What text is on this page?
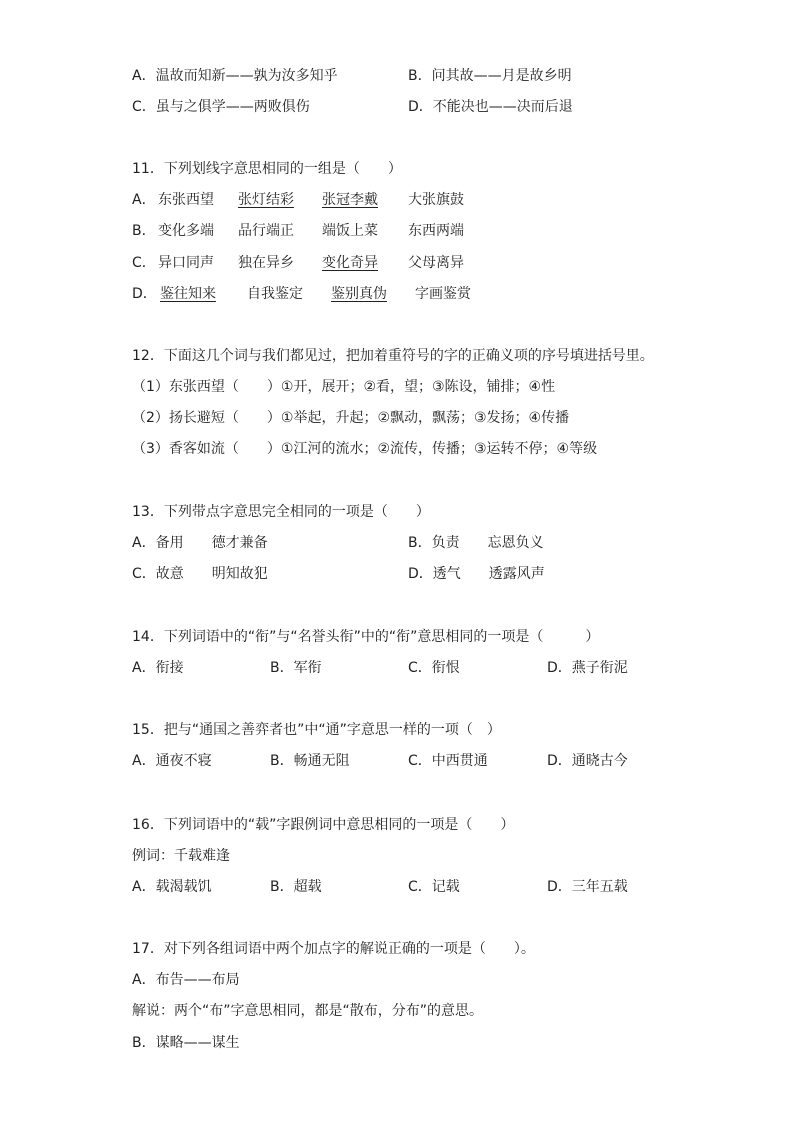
A．温故而知新——孰为汝多知乎	B．问其故——月是故乡明
C．虽与之俱学——两败俱伤	D．不能决也——决而后退
11．下列划线字意思相同的一组是（　　）
A． 东张西望 张灯结彩 张冠李戴 大张旗鼓
B． 变化多端 品行端正 端饭上菜 东西两端
C． 异口同声 独在异乡 变化奇异 父母离异
D． 鉴往知来 自我鉴定 鉴别真伪 字画鉴赏
12．下面这几个词与我们都见过，把加着重符号的字的正确义项的序号填进括号里。
（1）东张西望（　　）①开，展开；②看，望；③陈设，铺排；④性
（2）扬长避短（　　）①举起，升起；②飘动，飘荡；③发扬；④传播
（3）香客如流（　　）①江河的流水；②流传，传播；③运转不停；④等级
13．下列带点字意思完全相同的一项是（　　）
A．备用　　德才兼备	B．负责　　忘恩负义
C．故意　　明知故犯	D．透气　　透露风声
14．下列词语中的“衔”与“名誉头衔”中的“衔”意思相同的一项是（　　　）
A．衔接	B．军衔	C．衔恨	D．燕子衔泥
15．把与“通国之善弈者也”中“通”字意思一样的一项（　）
A．通夜不寝	B．畅通无阻	C．中西贯通	D．通晓古今
16．下列词语中的“载”字跟例词中意思相同的一项是（　　）
例词：千载难逢
A．载渴载饥	B．超载	C．记载	D．三年五载
17．对下列各组词语中两个加点字的解说正确的一项是（　　）。
A．布告——布局
解说：两个“布”字意思相同，都是“散布，分布”的意思。
B．谋略——谋生
